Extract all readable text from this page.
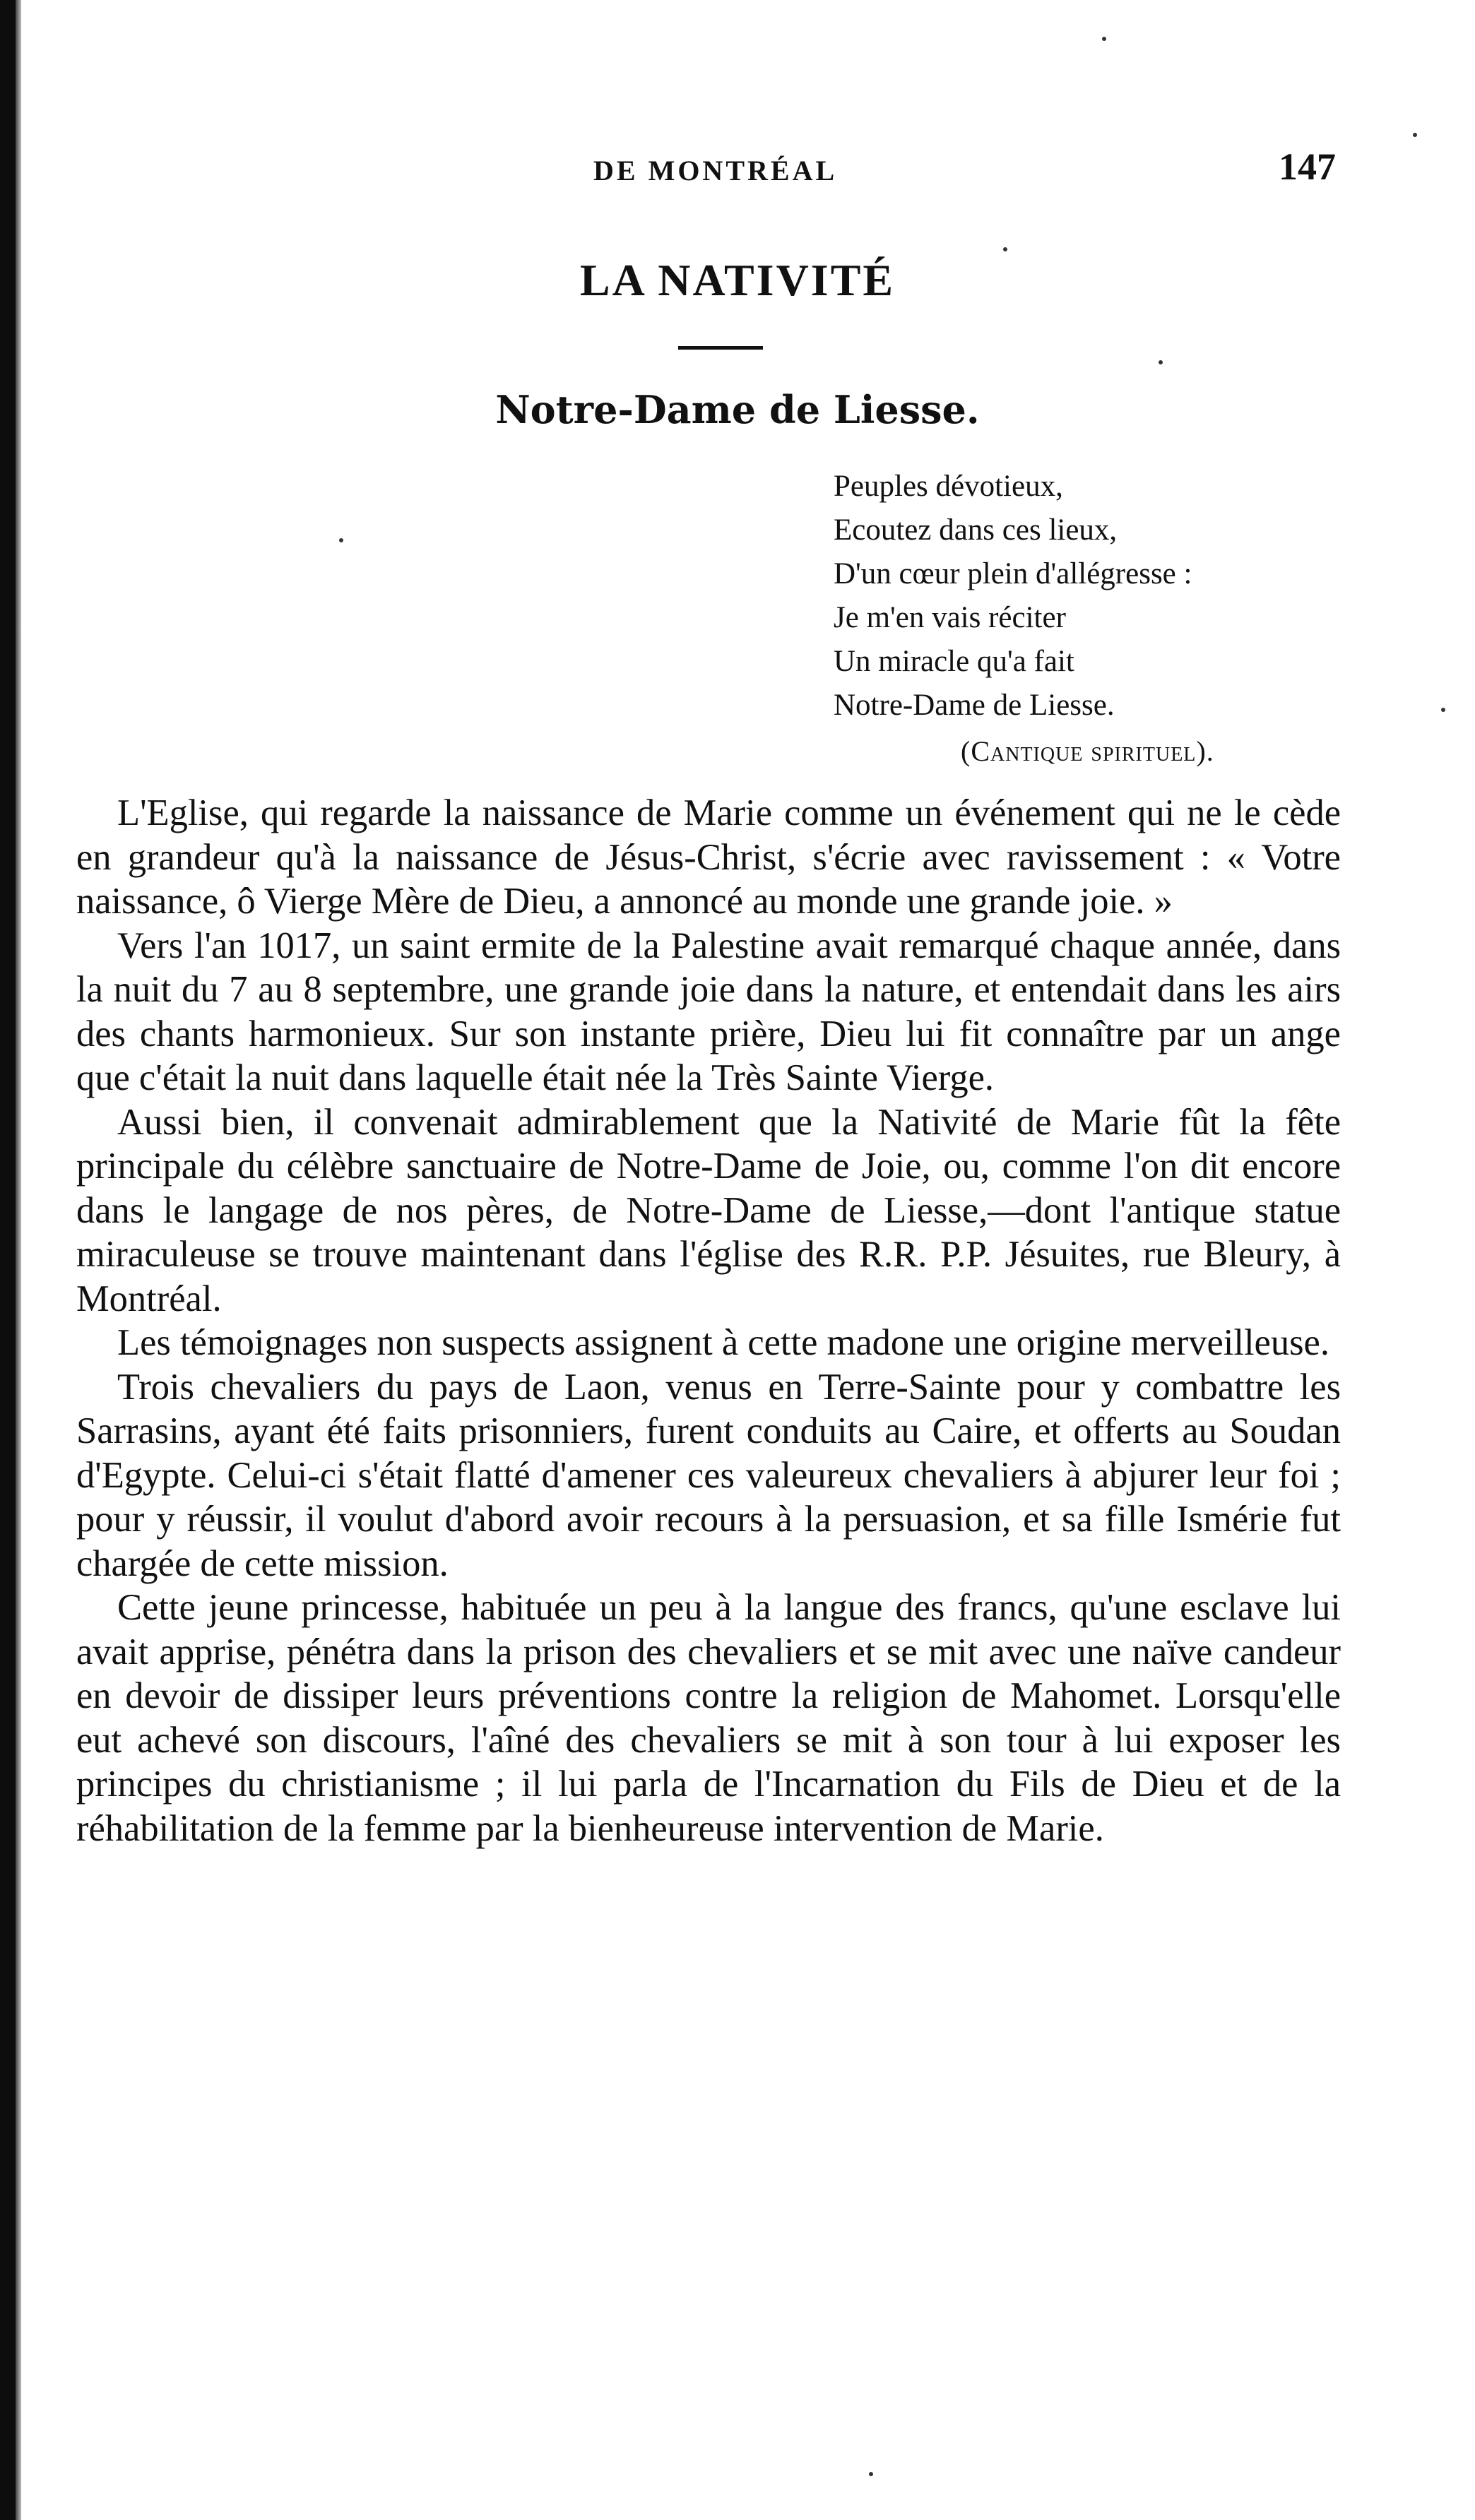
DE MONTRÉAL	147
LA NATIVITÉ
Notre-Dame de Liesse.
Peuples dévotieux,
Ecoutez dans ces lieux,
D'un cœur plein d'allégresse :
Je m'en vais réciter
Un miracle qu'a fait
Notre-Dame de Liesse.
(Cantique spirituel).

L'Eglise, qui regarde la naissance de Marie comme un événement qui ne le cède en grandeur qu'à la naissance de Jésus-Christ, s'écrie avec ravissement : « Votre naissance, ô Vierge Mère de Dieu, a annoncé au monde une grande joie. »

Vers l'an 1017, un saint ermite de la Palestine avait remarqué chaque année, dans la nuit du 7 au 8 septembre, une grande joie dans la nature, et entendait dans les airs des chants harmonieux. Sur son instante prière, Dieu lui fit connaître par un ange que c'était la nuit dans laquelle était née la Très Sainte Vierge.

Aussi bien, il convenait admirablement que la Nativité de Marie fût la fête principale du célèbre sanctuaire de Notre-Dame de Joie, ou, comme l'on dit encore dans le langage de nos pères, de Notre-Dame de Liesse,—dont l'antique statue miraculeuse se trouve maintenant dans l'église des R.R. P.P. Jésuites, rue Bleury, à Montréal.

Les témoignages non suspects assignent à cette madone une origine merveilleuse.

Trois chevaliers du pays de Laon, venus en Terre-Sainte pour y combattre les Sarrasins, ayant été faits prisonniers, furent conduits au Caire, et offerts au Soudan d'Egypte. Celui-ci s'était flatté d'amener ces valeureux chevaliers à abjurer leur foi ; pour y réussir, il voulut d'abord avoir recours à la persuasion, et sa fille Ismérie fut chargée de cette mission.

Cette jeune princesse, habituée un peu à la langue des francs, qu'une esclave lui avait apprise, pénétra dans la prison des chevaliers et se mit avec une naïve candeur en devoir de dissiper leurs préventions contre la religion de Mahomet. Lorsqu'elle eut achevé son discours, l'aîné des chevaliers se mit à son tour à lui exposer les principes du christianisme ; il lui parla de l'Incarnation du Fils de Dieu et de la réhabilitation de la femme par la bienheureuse intervention de Marie.
